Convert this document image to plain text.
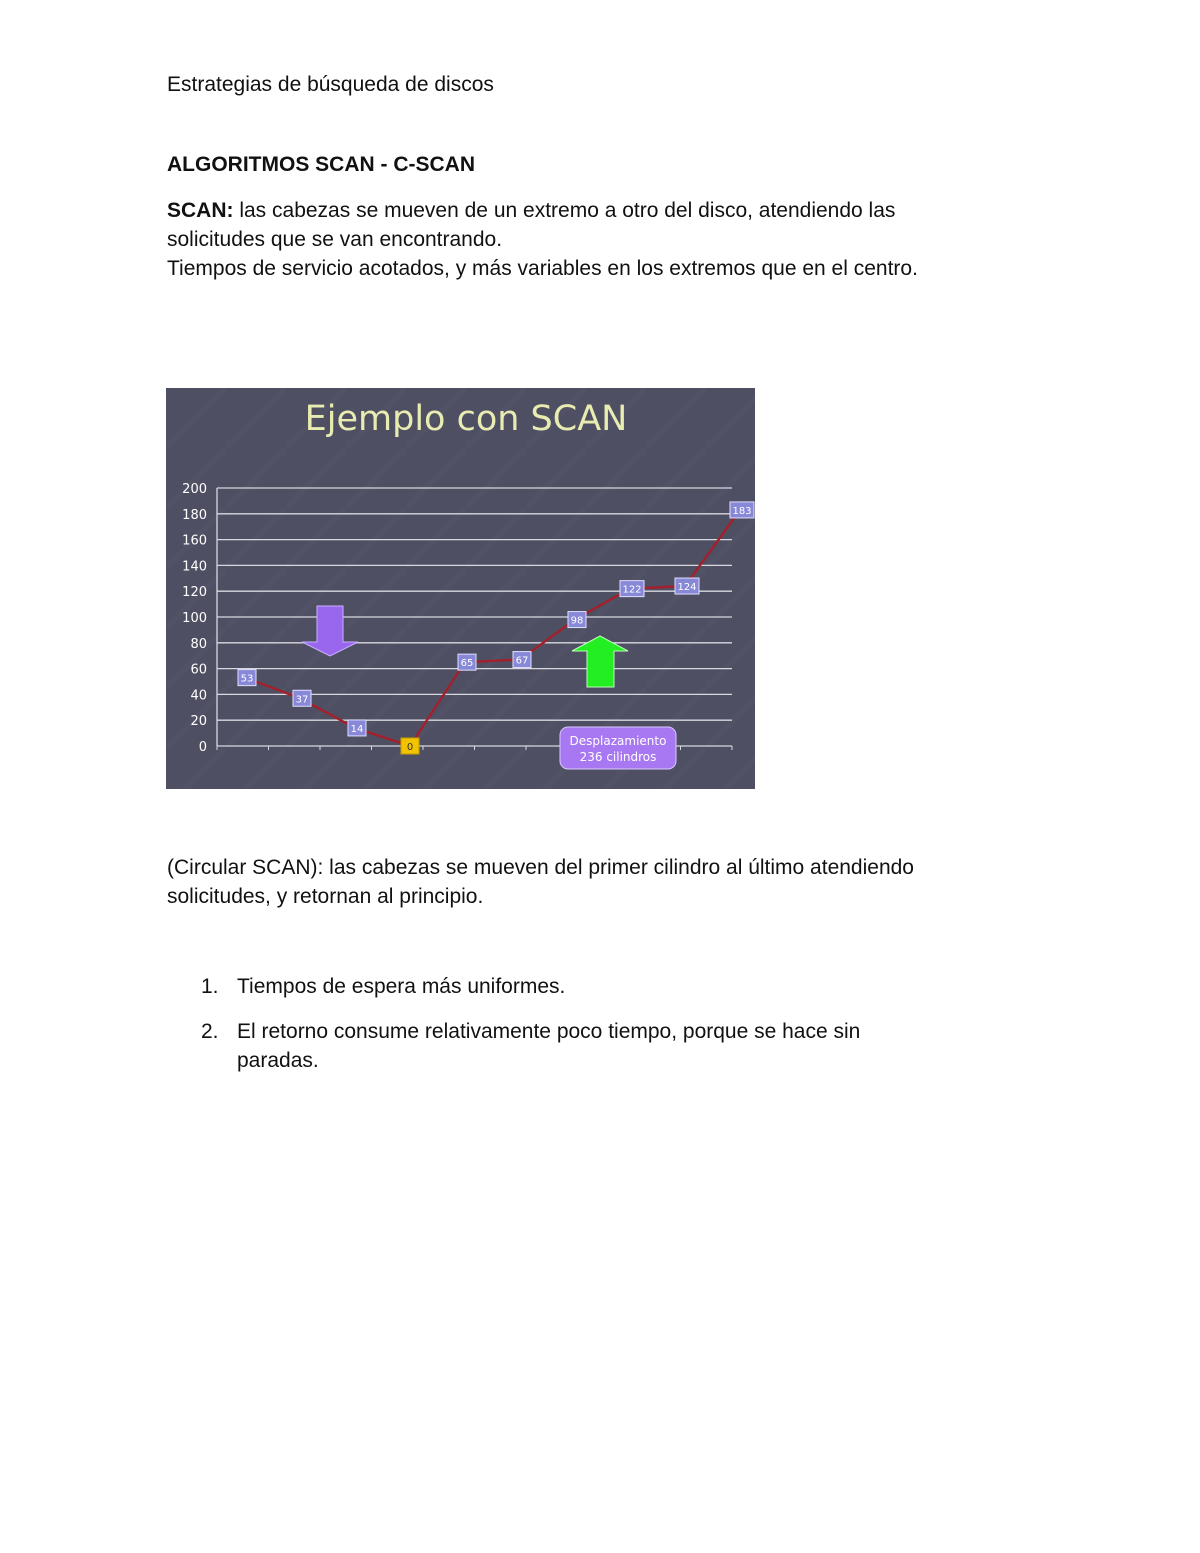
Estrategias de búsqueda de discos

ALGORITMOS SCAN - C-SCAN

SCAN: las cabezas se mueven de un extremo a otro del disco, atendiendo las

solicitudes que se van encontrando.

Tiempos de servicio acotados, y más variables en los extremos que en el centro.

Ejemplo con SCAN
0
20
40
60
80
100
120
140
160
180
200
53
37
14
0
65	67
98
122	124
183
Desplazamiento
236 cilindros

(Circular SCAN): las cabezas se mueven del primer cilindro al último atendiendo

solicitudes, y retornan al principio.

1. Tiempos de espera más uniformes.
2. El retorno consume relativamente poco tiempo, porque se hace sin
paradas.
